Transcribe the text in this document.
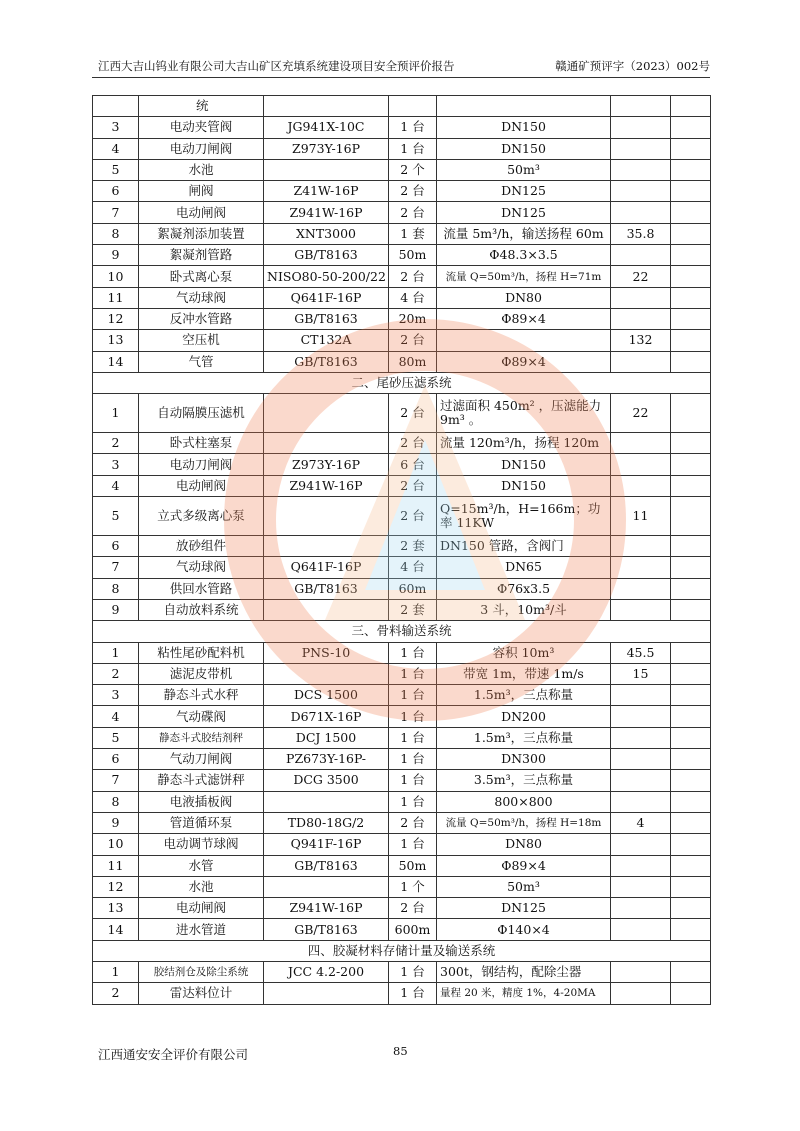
江西大吉山钨业有限公司大吉山矿区充填系统建设项目安全预评价报告	赣通矿预评字（2023）002号
	统					
3	电动夹管阀	JG941X-10C	1 台	DN150		
4	电动刀闸阀	Z973Y-16P	1 台	DN150		
5	水池		2 个	50m³		
6	闸阀	Z41W-16P	2 台	DN125		
7	电动闸阀	Z941W-16P	2 台	DN125		
8	絮凝剂添加装置	XNT3000	1 套	流量 5m³/h，输送扬程 60m	35.8	
9	絮凝剂管路	GB/T8163	50m	Φ48.3×3.5		
10	卧式离心泵	NISO80-50-200/22	2 台	流量 Q=50m³/h，扬程 H=71m	22	
11	气动球阀	Q641F-16P	4 台	DN80		
12	反冲水管路	GB/T8163	20m	Φ89×4		
13	空压机	CT132A	2 台		132	
14	气管	GB/T8163	80m	Φ89×4		
二、尾砂压滤系统						
1	自动隔膜压滤机		2 台	过滤面积 450m² ，压滤能力 9m³ 。	22	
2	卧式柱塞泵		2 台	流量 120m³/h，扬程 120m		
3	电动刀闸阀	Z973Y-16P	6 台	DN150		
4	电动闸阀	Z941W-16P	2 台	DN150		
5	立式多级离心泵		2 台	Q=15m³/h，H=166m；功率 11KW	11	
6	放砂组件		2 套	DN150 管路，含阀门		
7	气动球阀	Q641F-16P	4 台	DN65		
8	供回水管路	GB/T8163	60m	Φ76x3.5		
9	自动放料系统		2 套	3 斗，10m³/斗		
三、骨料输送系统						
1	粘性尾砂配料机	PNS-10	1 台	容积 10m³	45.5	
2	滤泥皮带机		1 台	带宽 1m，带速 1m/s	15	
3	静态斗式水秤	DCS 1500	1 台	1.5m³，三点称量		
4	气动碟阀	D671X-16P	1 台	DN200		
5	静态斗式胶结剂秤	DCJ 1500	1 台	1.5m³，三点称量		
6	气动刀闸阀	PZ673Y-16P-	1 台	DN300		
7	静态斗式滤饼秤	DCG 3500	1 台	3.5m³，三点称量		
8	电液插板阀		1 台	800×800		
9	管道循环泵	TD80-18G/2	2 台	流量 Q=50m³/h，扬程 H=18m	4	
10	电动调节球阀	Q941F-16P	1 台	DN80		
11	水管	GB/T8163	50m	Φ89×4		
12	水池		1 个	50m³		
13	电动闸阀	Z941W-16P	2 台	DN125		
14	进水管道	GB/T8163	600m	Φ140×4		
四、胶凝材料存储计量及输送系统						
1	胶结剂仓及除尘系统	JCC 4.2-200	1 台	300t，钢结构，配除尘器		
2	雷达料位计		1 台	量程 20 米，精度 1%，4-20MA		
江西通安安全评价有限公司	85
